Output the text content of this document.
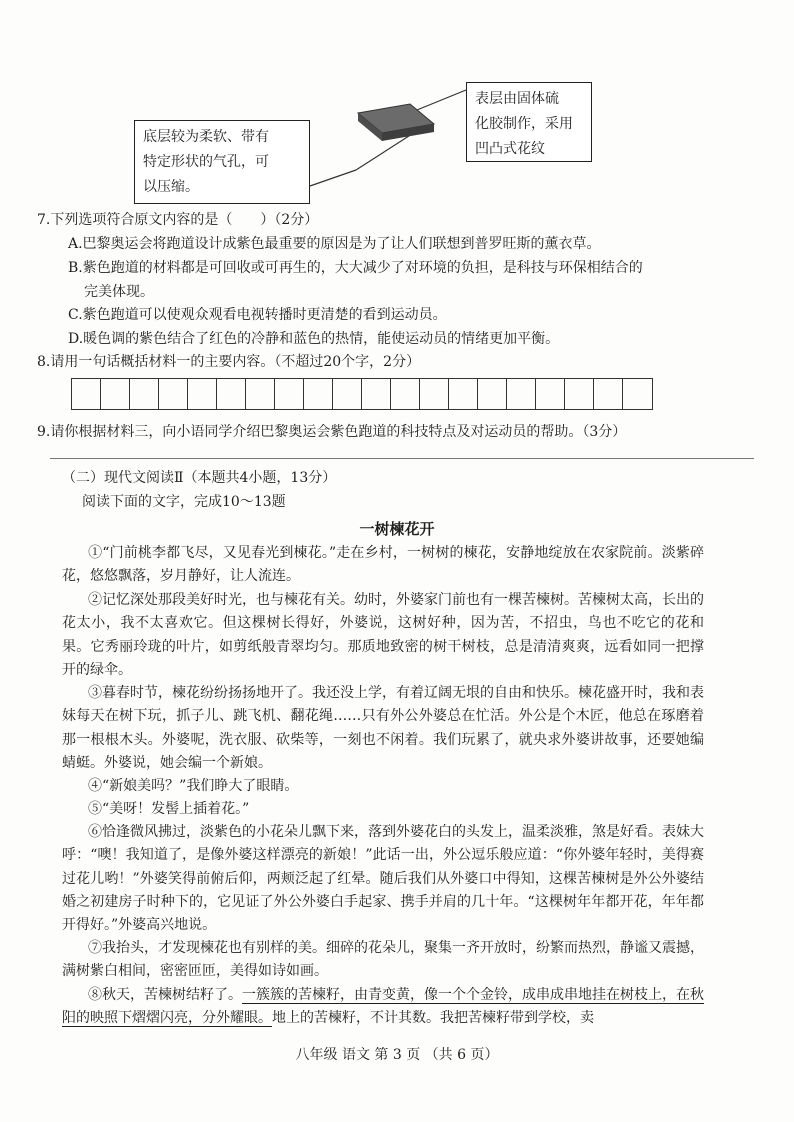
底层较为柔软、带有
特定形状的气孔，可
以压缩。
表层由固体硫
化胶制作，采用
凹凸式花纹
7.下列选项符合原文内容的是（　　）（2分）
A.巴黎奥运会将跑道设计成紫色最重要的原因是为了让人们联想到普罗旺斯的薰衣草。
B.紫色跑道的材料都是可回收或可再生的，大大减少了对环境的负担，是科技与环保相结合的
完美体现。
C.紫色跑道可以使观众观看电视转播时更清楚的看到运动员。
D.暖色调的紫色结合了红色的冷静和蓝色的热情，能使运动员的情绪更加平衡。
8.请用一句话概括材料一的主要内容。（不超过20个字，2分）
9.请你根据材料三，向小语同学介绍巴黎奥运会紫色跑道的科技特点及对运动员的帮助。（3分）
（二）现代文阅读Ⅱ（本题共4小题，13分）
阅读下面的文字，完成10～13题
一树楝花开
①“门前桃李都飞尽，又见春光到楝花。”走在乡村，一树树的楝花，安静地绽放在农家院前。淡紫碎花，悠悠飘落，岁月静好，让人流连。
②记忆深处那段美好时光，也与楝花有关。幼时，外婆家门前也有一棵苦楝树。苦楝树太高，长出的花太小，我不太喜欢它。但这棵树长得好，外婆说，这树好种，因为苦，不招虫，鸟也不吃它的花和果。它秀丽玲珑的叶片，如剪纸般青翠均匀。那质地致密的树干树枝，总是清清爽爽，远看如同一把撑开的绿伞。
③暮春时节，楝花纷纷扬扬地开了。我还没上学，有着辽阔无垠的自由和快乐。楝花盛开时，我和表妹每天在树下玩，抓子儿、跳飞机、翻花绳……只有外公外婆总在忙活。外公是个木匠，他总在琢磨着那一根根木头。外婆呢，洗衣服、砍柴等，一刻也不闲着。我们玩累了，就央求外婆讲故事，还要她编蜻蜓。外婆说，她会编一个新娘。
④“新娘美吗？”我们睁大了眼睛。
⑤“美呀！发髻上插着花。”
⑥恰逢微风拂过，淡紫色的小花朵儿飘下来，落到外婆花白的头发上，温柔淡雅，煞是好看。表妹大呼：“噢！我知道了，是像外婆这样漂亮的新娘！”此话一出，外公逗乐般应道：“你外婆年轻时，美得赛过花儿哟！”外婆笑得前俯后仰，两颊泛起了红晕。随后我们从外婆口中得知，这棵苦楝树是外公外婆结婚之初建房子时种下的，它见证了外公外婆白手起家、携手并肩的几十年。“这棵树年年都开花，年年都开得好。”外婆高兴地说。
⑦我抬头，才发现楝花也有别样的美。细碎的花朵儿，聚集一齐开放时，纷繁而热烈，静谧又震撼，满树紫白相间，密密匝匝，美得如诗如画。
⑧秋天，苦楝树结籽了。一簇簇的苦楝籽，由青变黄，像一个个金铃，成串成串地挂在树枝上，在秋阳的映照下熠熠闪亮，分外耀眼。地上的苦楝籽，不计其数。我把苦楝籽带到学校，卖
八年级 语文 第 3 页 （共 6 页）
